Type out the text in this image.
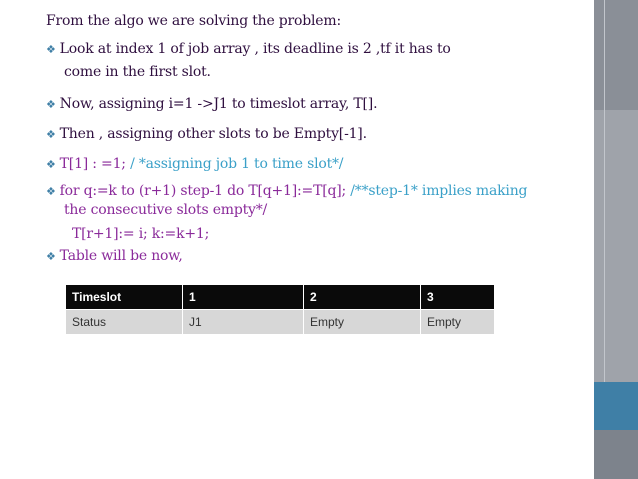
From the algo we are solving the problem:
❖ Look at index 1 of job array , its deadline is 2 ,tf it has to
come in the first slot.
❖ Now, assigning i=1 ->J1 to timeslot array, T[].
❖ Then , assigning other slots to be Empty[-1].
❖ T[1] : =1; / *assigning job 1 to time slot*/
❖ for q:=k to (r+1) step-1 do T[q+1]:=T[q]; /**step-1* implies making
the consecutive slots empty*/
T[r+1]:= i; k:=k+1;
❖ Table will be now,
Timeslot	1	2	3
Status	J1	Empty	Empty
